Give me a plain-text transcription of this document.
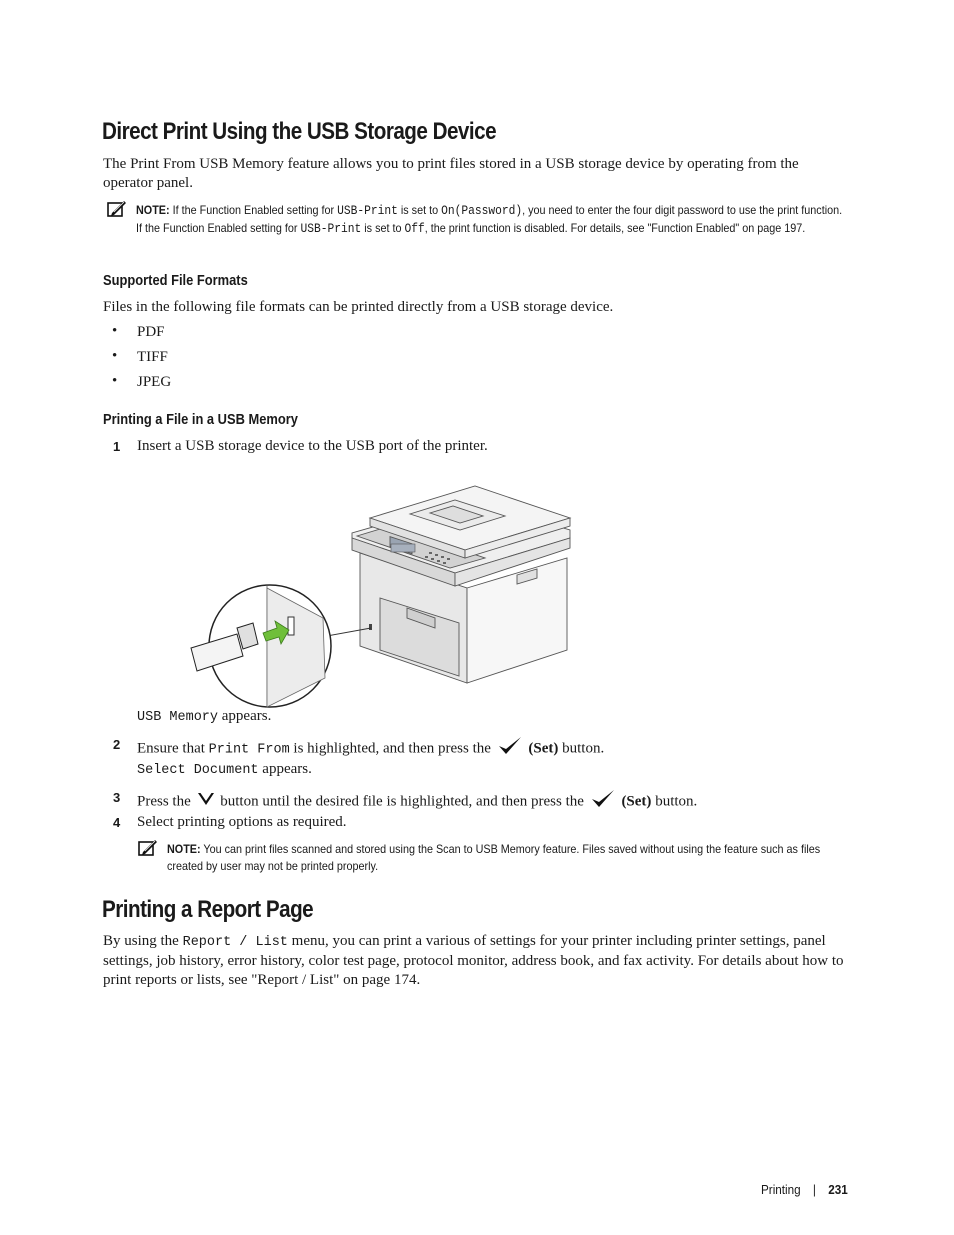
Direct Print Using the USB Storage Device
The Print From USB Memory feature allows you to print files stored in a USB storage device by operating from the operator panel.
NOTE: If the Function Enabled setting for USB-Print is set to On(Password), you need to enter the four digit password to use the print function. If the Function Enabled setting for USB-Print is set to Off, the print function is disabled. For details, see "Function Enabled" on page 197.
Supported File Formats
Files in the following file formats can be printed directly from a USB storage device.
• PDF
• TIFF
• JPEG
Printing a File in a USB Memory
1 Insert a USB storage device to the USB port of the printer.
USB Memory appears.
2 Ensure that Print From is highlighted, and then press the	(Set) button.
Select Document appears.
3 Press the button until the desired file is highlighted, and then press the	(Set) button.
4 Select printing options as required.
NOTE: You can print files scanned and stored using the Scan to USB Memory feature. Files saved without using the feature such as files created by user may not be printed properly.
Printing a Report Page
By using the Report / List menu, you can print a various of settings for your printer including printer settings, panel settings, job history, error history, color test page, protocol monitor, address book, and fax activity. For details about how to print reports or lists, see "Report / List" on page 174.
Printing | 231
